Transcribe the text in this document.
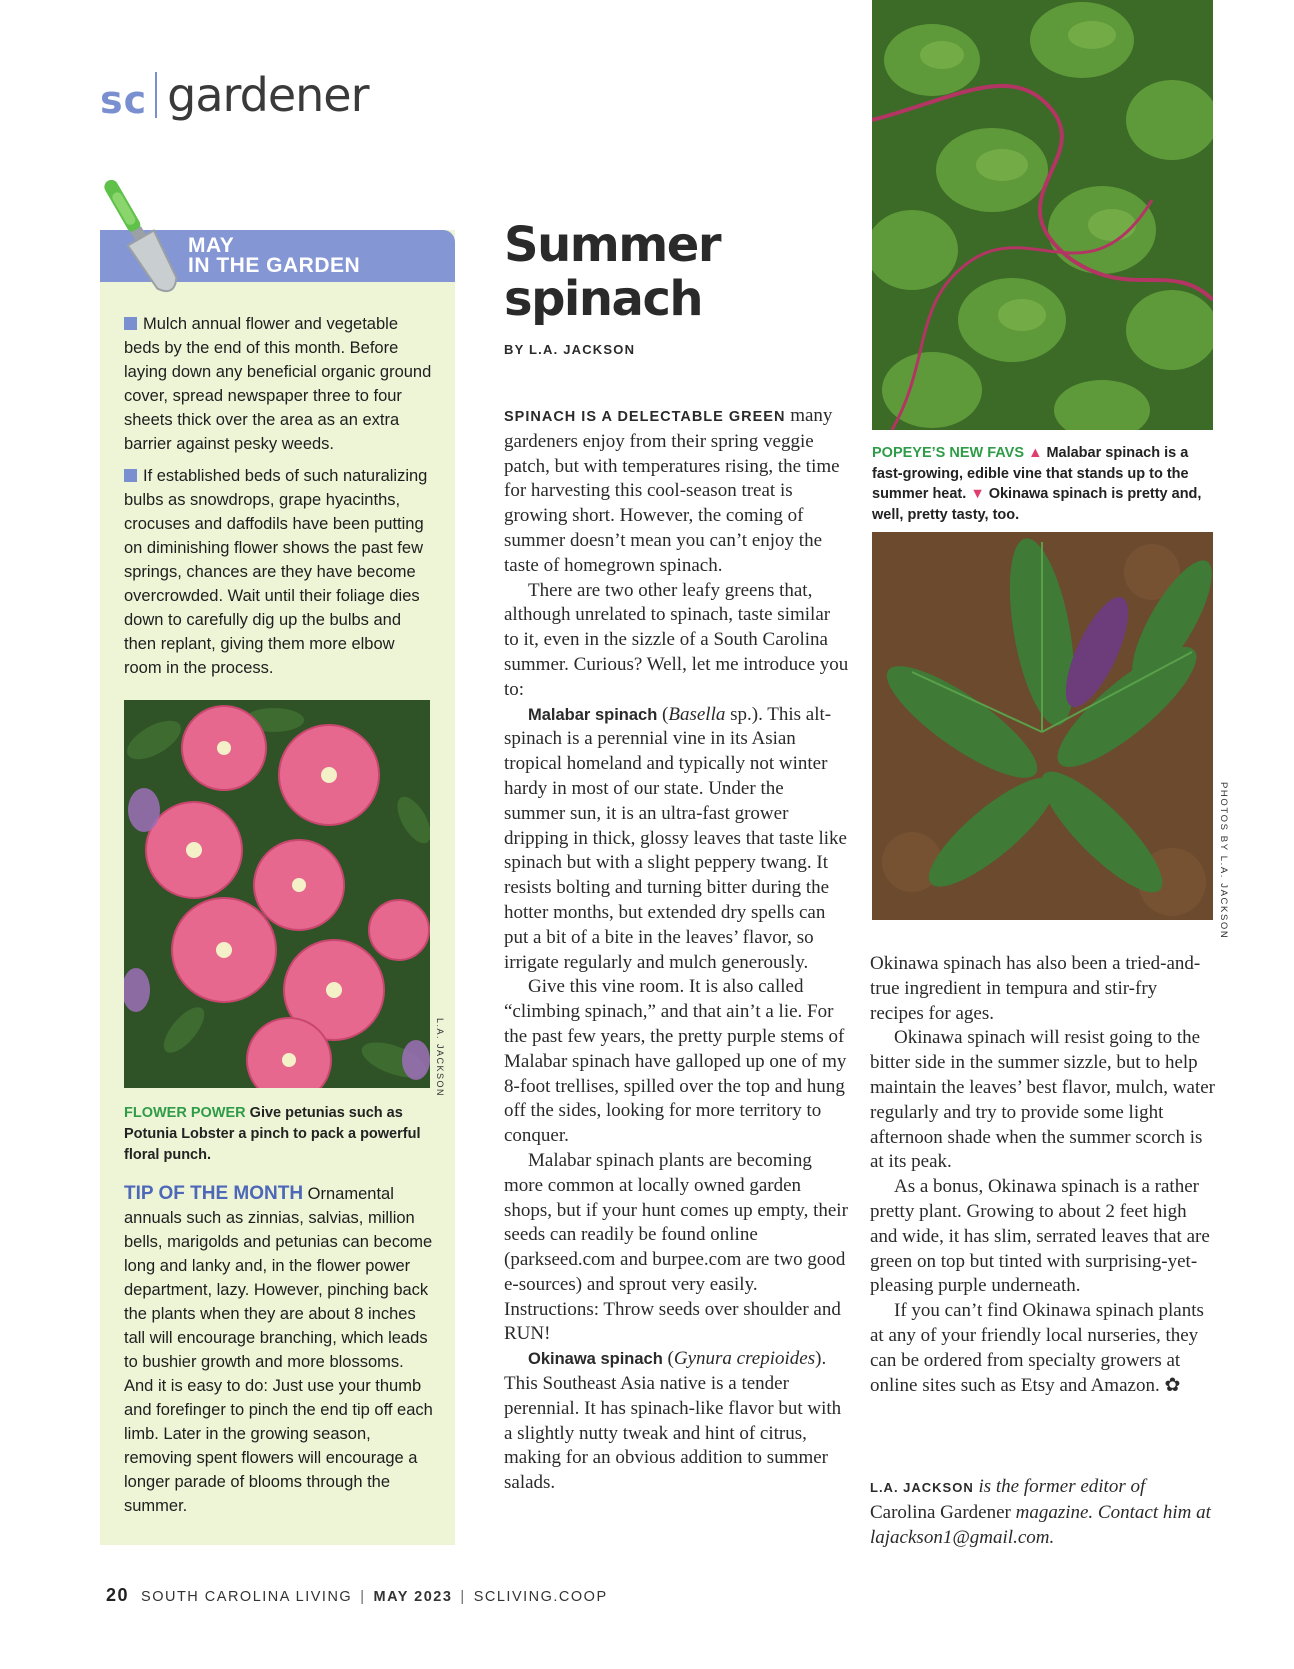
sc gardener
MAY
IN THE GARDEN

Mulch annual flower and vegetable beds by the end of this month. Before laying down any beneficial organic ground cover, spread newspaper three to four sheets thick over the area as an extra barrier against pesky weeds.

If established beds of such naturalizing bulbs as snowdrops, grape hyacinths, crocuses and daffodils have been putting on diminishing flower shows the past few springs, chances are they have become overcrowded. Wait until their foliage dies down to carefully dig up the bulbs and then replant, giving them more elbow room in the process.

L.A. JACKSON
FLOWER POWER Give petunias such as Potunia Lobster a pinch to pack a powerful floral punch.
TIP OF THE MONTH Ornamental annuals such as zinnias, salvias, million bells, marigolds and petunias can become long and lanky and, in the flower power department, lazy. However, pinching back the plants when they are about 8 inches tall will encourage branching, which leads to bushier growth and more blossoms. And it is easy to do: Just use your thumb and forefinger to pinch the end tip off each limb. Later in the growing season, removing spent flowers will encourage a longer parade of blooms through the summer.
Summer
spinach
BY L.A. JACKSON

SPINACH IS A DELECTABLE GREEN many gardeners enjoy from their spring veggie patch, but with temperatures rising, the time for harvesting this cool-season treat is growing short. However, the coming of summer doesn’t mean you can’t enjoy the taste of homegrown spinach.

There are two other leafy greens that, although unrelated to spinach, taste similar to it, even in the sizzle of a South Carolina summer. Curious? Well, let me introduce you to:

Malabar spinach (Basella sp.). This alt-spinach is a perennial vine in its Asian tropical homeland and typically not winter hardy in most of our state. Under the summer sun, it is an ultra-fast grower dripping in thick, glossy leaves that taste like spinach but with a slight peppery twang. It resists bolting and turning bitter during the hotter months, but extended dry spells can put a bit of a bite in the leaves’ flavor, so irrigate regularly and mulch generously.

Give this vine room. It is also called “climbing spinach,” and that ain’t a lie. For the past few years, the pretty purple stems of Malabar spinach have galloped up one of my 8-foot trellises, spilled over the top and hung off the sides, looking for more territory to conquer.

Malabar spinach plants are becoming more common at locally owned garden shops, but if your hunt comes up empty, their seeds can readily be found online (parkseed.com and burpee.com are two good e-sources) and sprout very easily. Instructions: Throw seeds over shoulder and RUN!

Okinawa spinach (Gynura crepioides). This Southeast Asia native is a tender perennial. It has spinach-like flavor but with a slightly nutty tweak and hint of citrus, making for an obvious addition to summer salads.

POPEYE’S NEW FAVS ▲ Malabar spinach is a fast-growing, edible vine that stands up to the summer heat. ▼ Okinawa spinach is pretty and, well, pretty tasty, too.
PHOTOS BY L.A. JACKSON

Okinawa spinach has also been a tried-and-true ingredient in tempura and stir-fry recipes for ages.

Okinawa spinach will resist going to the bitter side in the summer sizzle, but to help maintain the leaves’ best flavor, mulch, water regularly and try to provide some light afternoon shade when the summer scorch is at its peak.

As a bonus, Okinawa spinach is a rather pretty plant. Growing to about 2 feet high and wide, it has slim, serrated leaves that are green on top but tinted with surprising-yet-pleasing purple underneath.

If you can’t find Okinawa spinach plants at any of your friendly local nurseries, they can be ordered from specialty growers at online sites such as Etsy and Amazon. ✿

L.A. JACKSON is the former editor of Carolina Gardener magazine. Contact him at lajackson1@gmail.com.
20 SOUTH CAROLINA LIVING | MAY 2023 | SCLIVING.COOP
